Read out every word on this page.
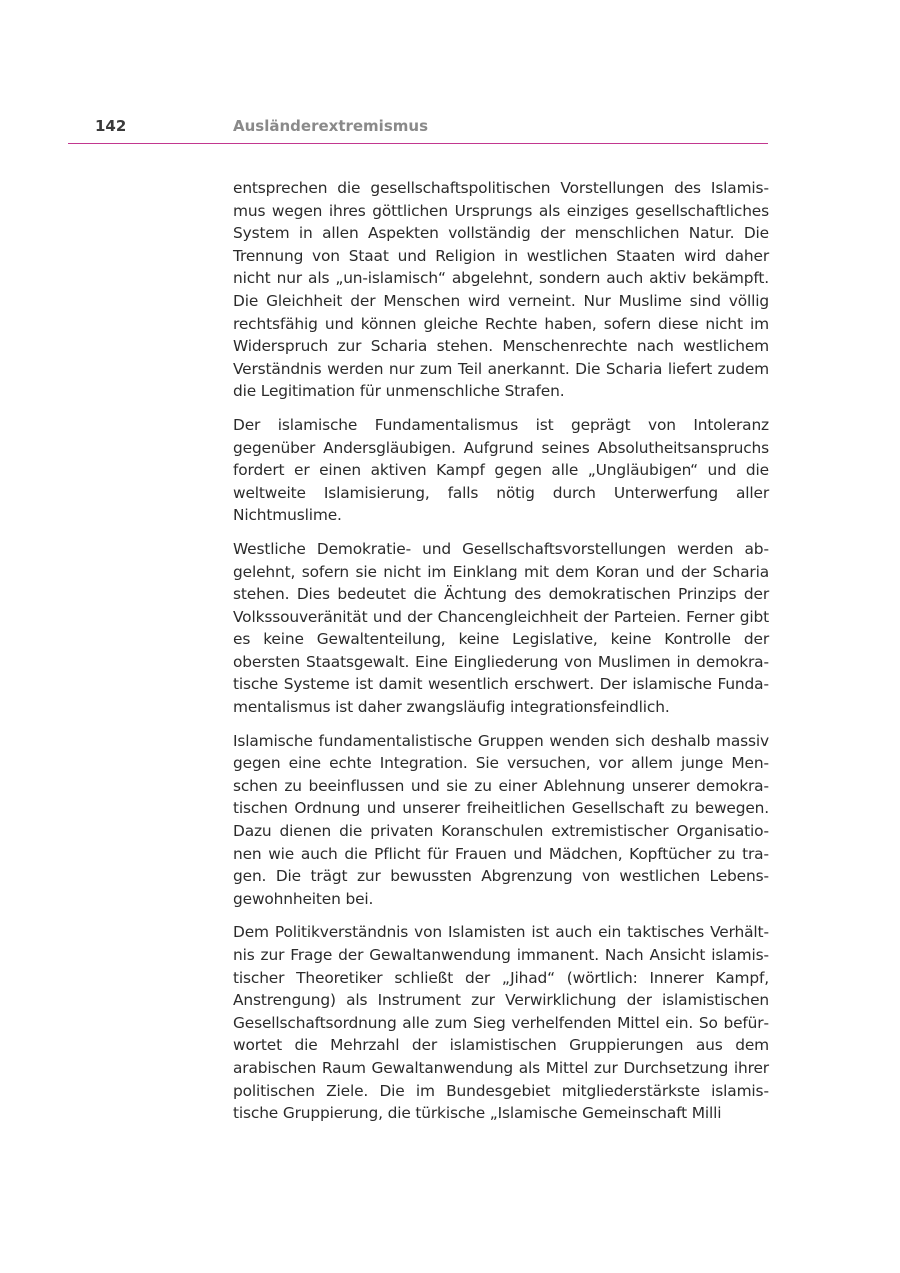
142	Ausländerextremismus

entsprechen die gesellschaftspolitischen Vorstellungen des Islamismus wegen ihres göttlichen Ursprungs als einziges gesellschaftliches System in allen Aspekten vollständig der menschlichen Natur. Die Trennung von Staat und Religion in westlichen Staaten wird daher nicht nur als „un-islamisch“ abgelehnt, sondern auch aktiv bekämpft. Die Gleichheit der Menschen wird verneint. Nur Muslime sind völlig rechtsfähig und können gleiche Rechte haben, sofern diese nicht im Widerspruch zur Scharia stehen. Menschenrechte nach westlichem Verständnis werden nur zum Teil anerkannt. Die Scharia liefert zudem die Legitimation für unmenschliche Strafen.

Der islamische Fundamentalismus ist geprägt von Intoleranz gegenüber Andersgläubigen. Aufgrund seines Absolutheitsanspruchs fordert er einen aktiven Kampf gegen alle „Ungläubigen“ und die weltweite Islamisierung, falls nötig durch Unterwerfung aller Nichtmuslime.

Westliche Demokratie- und Gesellschaftsvorstellungen werden abgelehnt, sofern sie nicht im Einklang mit dem Koran und der Scharia stehen. Dies bedeutet die Ächtung des demokratischen Prinzips der Volkssouveränität und der Chancengleichheit der Parteien. Ferner gibt es keine Gewaltenteilung, keine Legislative, keine Kontrolle der obersten Staatsgewalt. Eine Eingliederung von Muslimen in demokratische Systeme ist damit wesentlich erschwert. Der islamische Fundamentalismus ist daher zwangsläufig integrationsfeindlich.

Islamische fundamentalistische Gruppen wenden sich deshalb massiv gegen eine echte Integration. Sie versuchen, vor allem junge Menschen zu beeinflussen und sie zu einer Ablehnung unserer demokratischen Ordnung und unserer freiheitlichen Gesellschaft zu bewegen. Dazu dienen die privaten Koranschulen extremistischer Organisationen wie auch die Pflicht für Frauen und Mädchen, Kopftücher zu tragen. Die trägt zur bewussten Abgrenzung von westlichen Lebensgewohnheiten bei.

Dem Politikverständnis von Islamisten ist auch ein taktisches Verhältnis zur Frage der Gewaltanwendung immanent. Nach Ansicht islamistischer Theoretiker schließt der „Jihad“ (wörtlich: Innerer Kampf, Anstrengung) als Instrument zur Verwirklichung der islamistischen Gesellschaftsordnung alle zum Sieg verhelfenden Mittel ein. So befürwortet die Mehrzahl der islamistischen Gruppierungen aus dem arabischen Raum Gewaltanwendung als Mittel zur Durchsetzung ihrer politischen Ziele. Die im Bundesgebiet mitgliederstärkste islamistische Gruppierung, die türkische „Islamische Gemeinschaft Milli
